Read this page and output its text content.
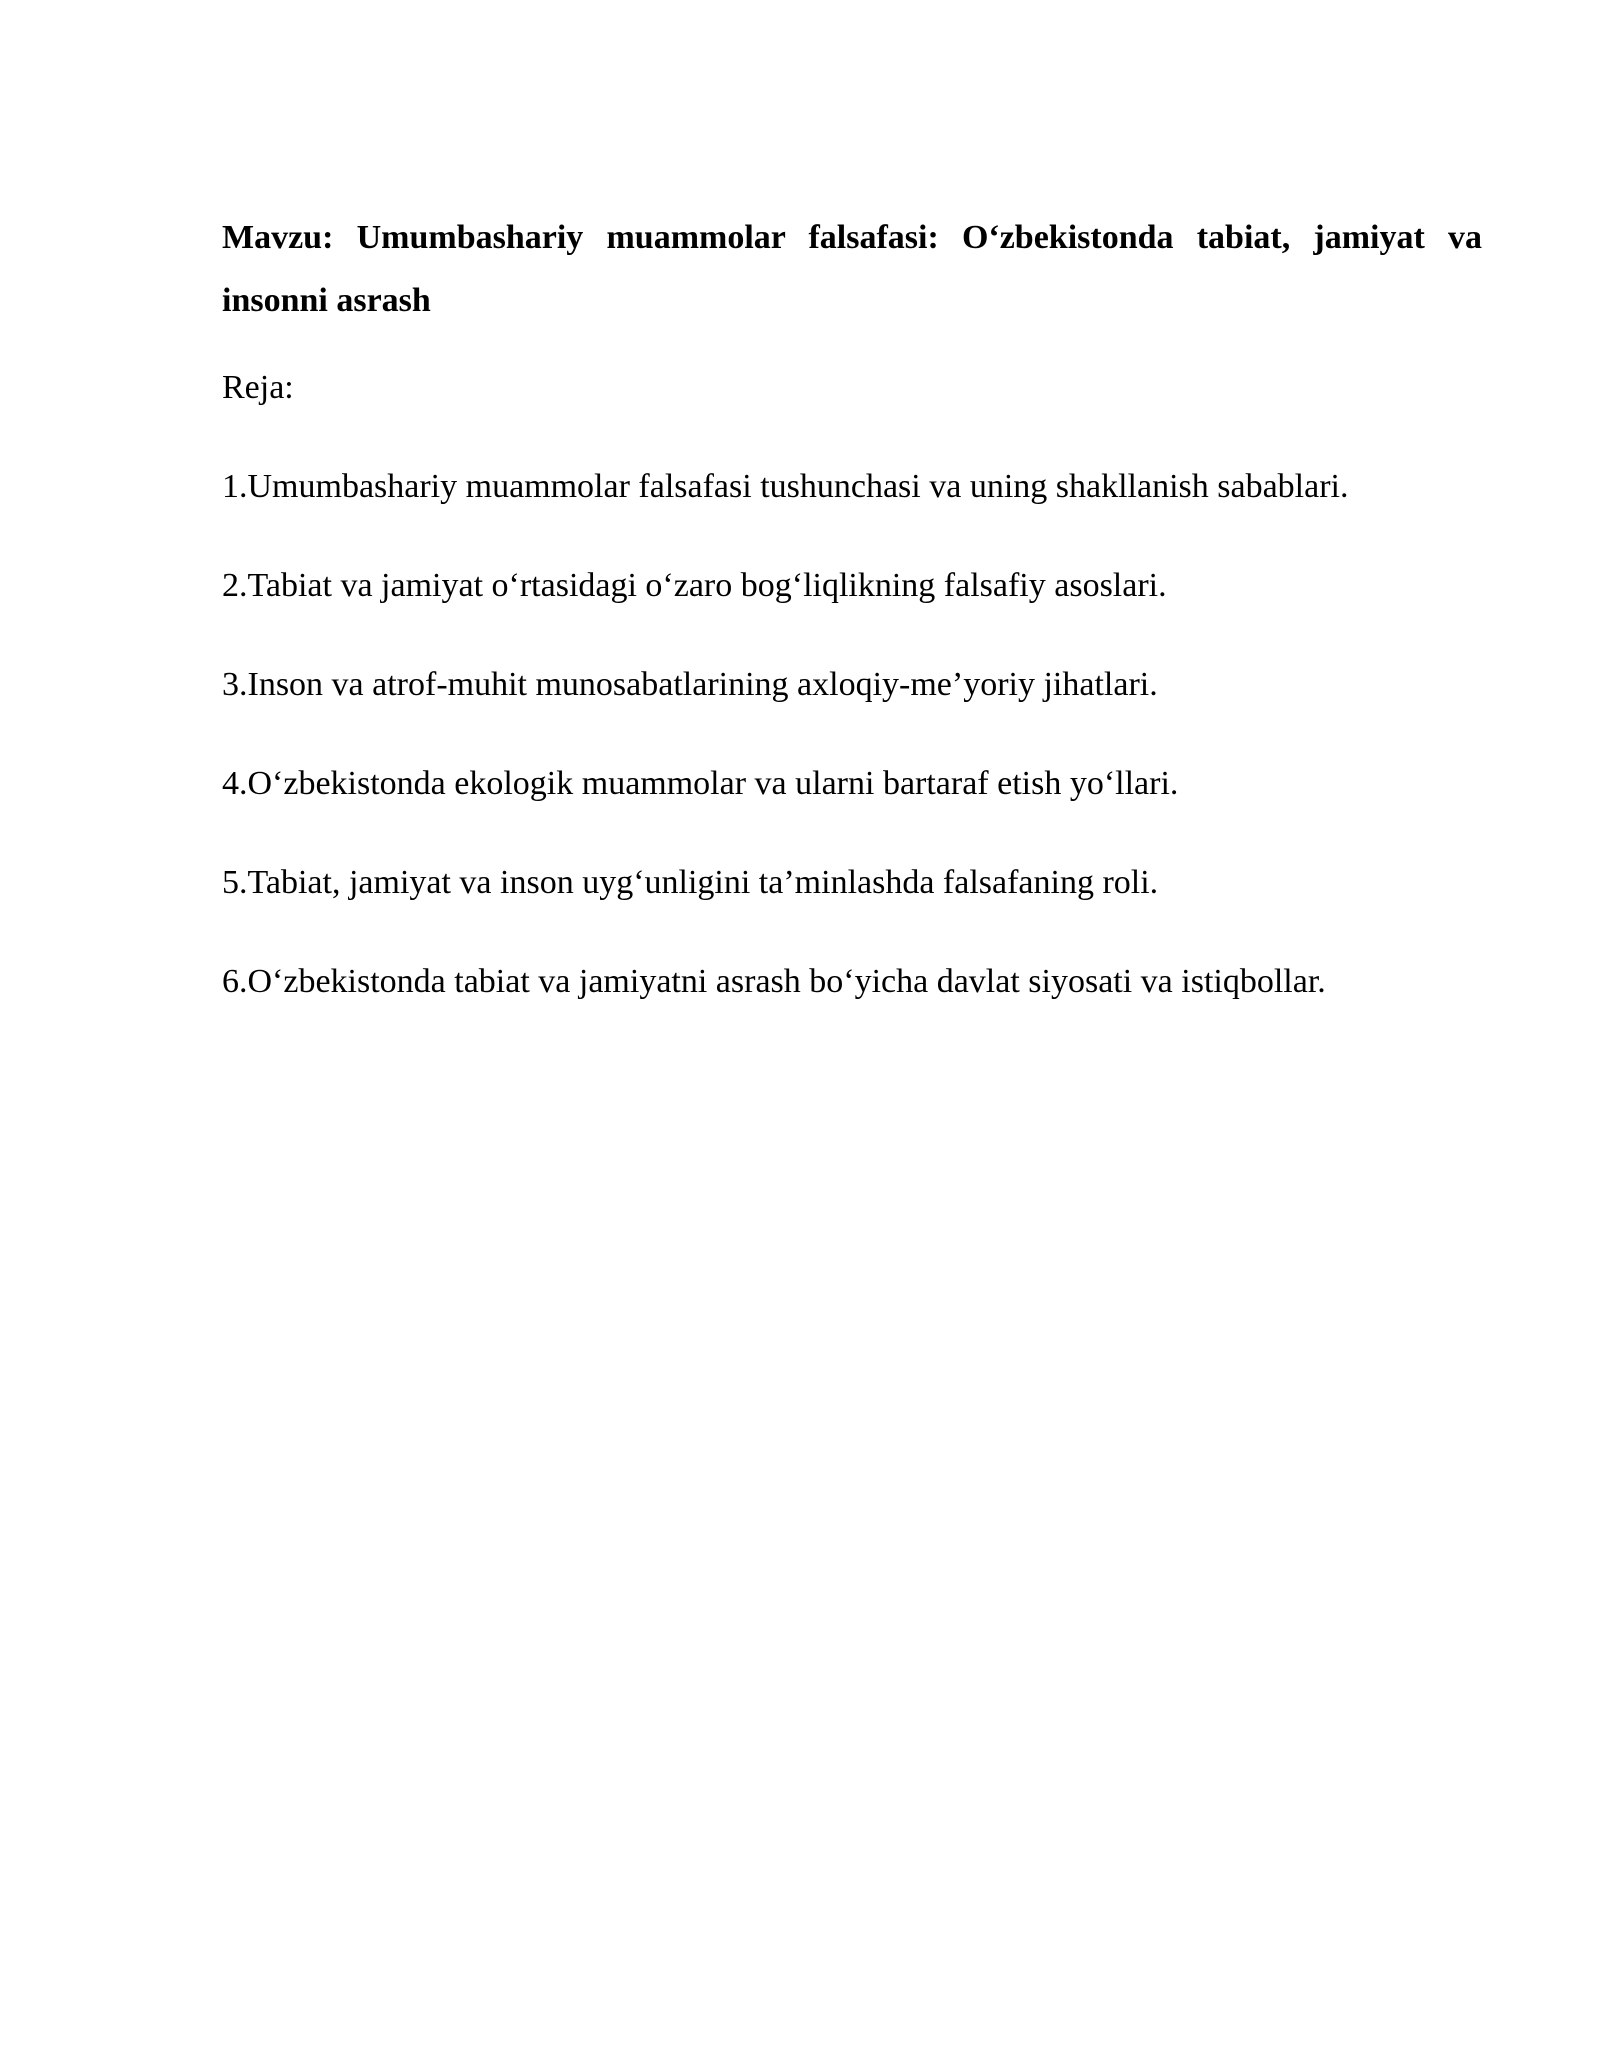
Mavzu: Umumbashariy muammolar falsafasi: O‘zbekistonda tabiat, jamiyat va insonni asrash

Reja:

1.Umumbashariy muammolar falsafasi tushunchasi va uning shakllanish sabablari.
2.Tabiat va jamiyat o‘rtasidagi o‘zaro bog‘liqlikning falsafiy asoslari.
3.Inson va atrof-muhit munosabatlarining axloqiy-me’yoriy jihatlari.
4.O‘zbekistonda ekologik muammolar va ularni bartaraf etish yo‘llari.
5.Tabiat, jamiyat va inson uyg‘unligini ta’minlashda falsafaning roli.
6.O‘zbekistonda tabiat va jamiyatni asrash bo‘yicha davlat siyosati va istiqbollar.
